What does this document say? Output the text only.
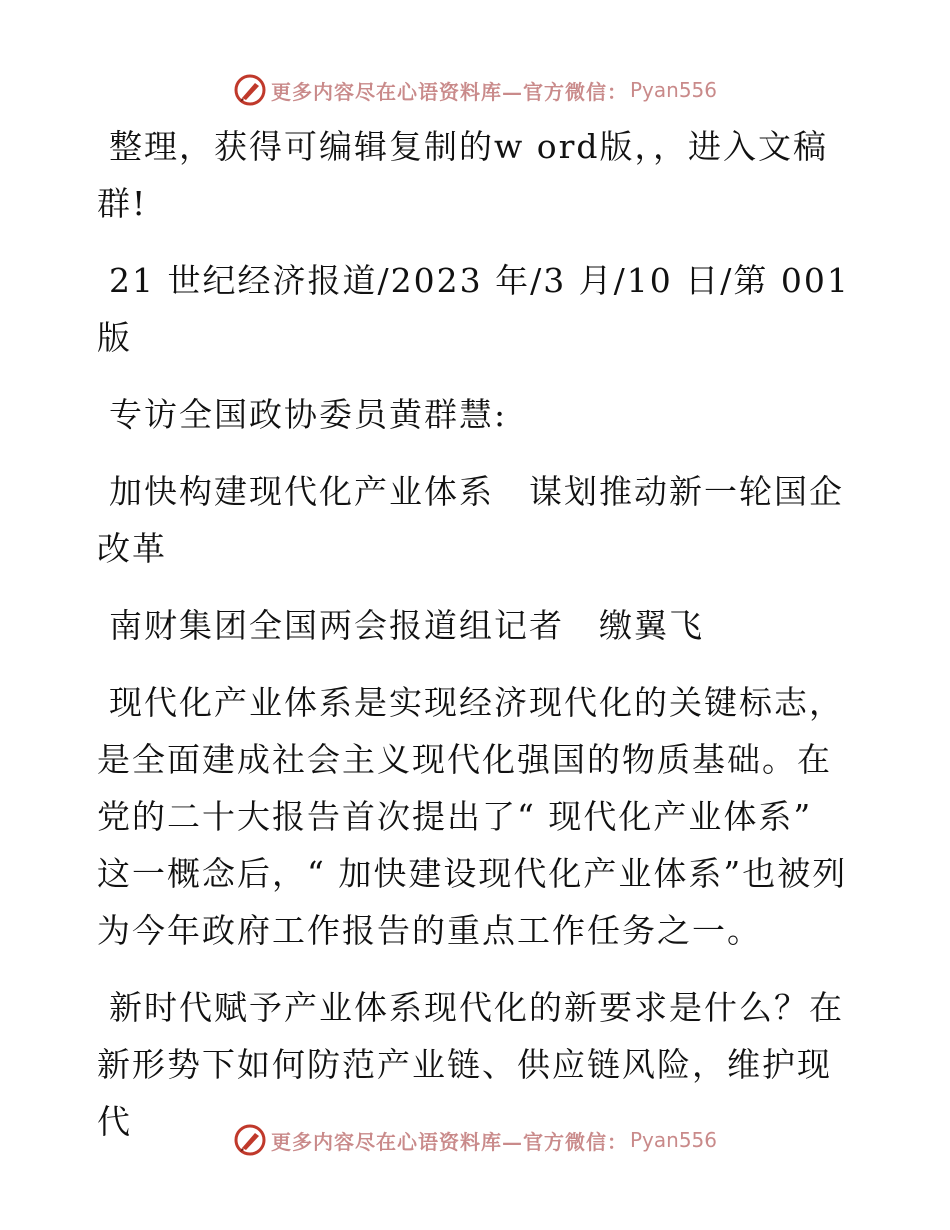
更多内容尽在心语资料库—官方微信： Pyan556

整理，获得可编辑复制的w ord版，，进入文稿群!

21 世纪经济报道/2023 年/3 月/10 日/第 001 版

专访全国政协委员黄群慧:

加快构建现代化产业体系　谋划推动新一轮国企改革

南财集团全国两会报道组记者　缴翼飞

现代化产业体系是实现经济现代化的关键标志，是全面建成社会主义现代化强国的物质基础。在党的二十大报告首次提出了“ 现代化产业体系” 这一概念后，“ 加快建设现代化产业体系”也被列为今年政府工作报告的重点工作任务之一。

新时代赋予产业体系现代化的新要求是什么？在新形势下如何防范产业链、供应链风险，维护现代

更多内容尽在心语资料库—官方微信： Pyan556
